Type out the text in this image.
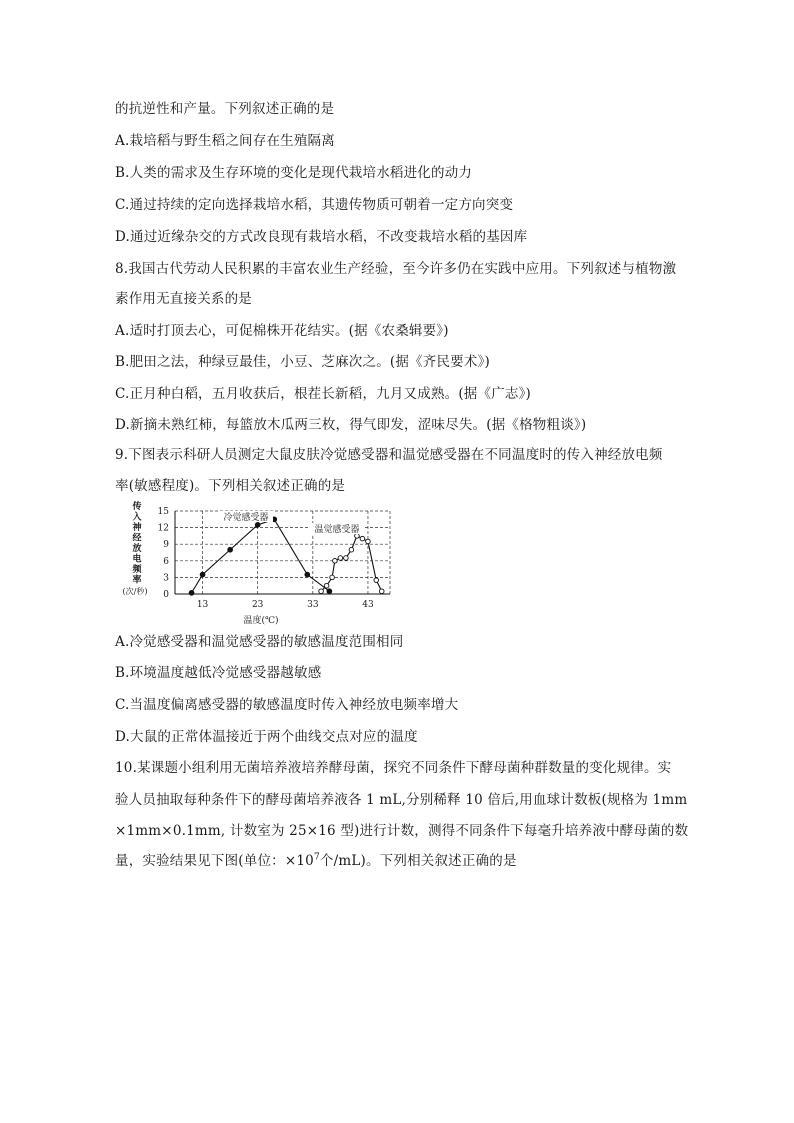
的抗逆性和产量。下列叙述正确的是
A.栽培稻与野生稻之间存在生殖隔离
B.人类的需求及生存环境的变化是现代栽培水稻进化的动力
C.通过持续的定向选择栽培水稻，其遗传物质可朝着一定方向突变
D.通过近缘杂交的方式改良现有栽培水稻，不改变栽培水稻的基因库
8.我国古代劳动人民积累的丰富农业生产经验，至今许多仍在实践中应用。下列叙述与植物激
素作用无直接关系的是
A.适时打顶去心，可促棉株开花结实。(据《农桑辑要》)
B.肥田之法，种绿豆最佳，小豆、芝麻次之。(据《齐民要术》)
C.正月种白稻，五月收获后，根茬长新稻，九月又成熟。(据《广志》)
D.新摘未熟红柿，每篮放木瓜两三枚，得气即发，涩味尽失。(据《格物粗谈》)
9.下图表示科研人员测定大鼠皮肤冷觉感受器和温觉感受器在不同温度时的传入神经放电频
率(敏感程度)。下列相关叙述正确的是
A.冷觉感受器和温觉感受器的敏感温度范围相同
B.环境温度越低冷觉感受器越敏感
C.当温度偏离感受器的敏感温度时传入神经放电频率增大
D.大鼠的正常体温接近于两个曲线交点对应的温度
10.某课题小组利用无菌培养液培养酵母菌，探究不同条件下酵母菌种群数量的变化规律。实
验人员抽取每种条件下的酵母菌培养液各 1 mL,分别稀释 10 倍后,用血球计数板(规格为 1mm
×1mm×0.1mm, 计数室为 25×16 型)进行计数，测得不同条件下每毫升培养液中酵母菌的数
量，实验结果见下图(单位：$\times 10^7$个/mL)。下列相关叙述正确的是
传
入
神
经
放
电
频
率
(次/秒) 0
3
6
9
12
15
13	23	33	43
冷觉感受器
温觉感受器
温度(℃)
